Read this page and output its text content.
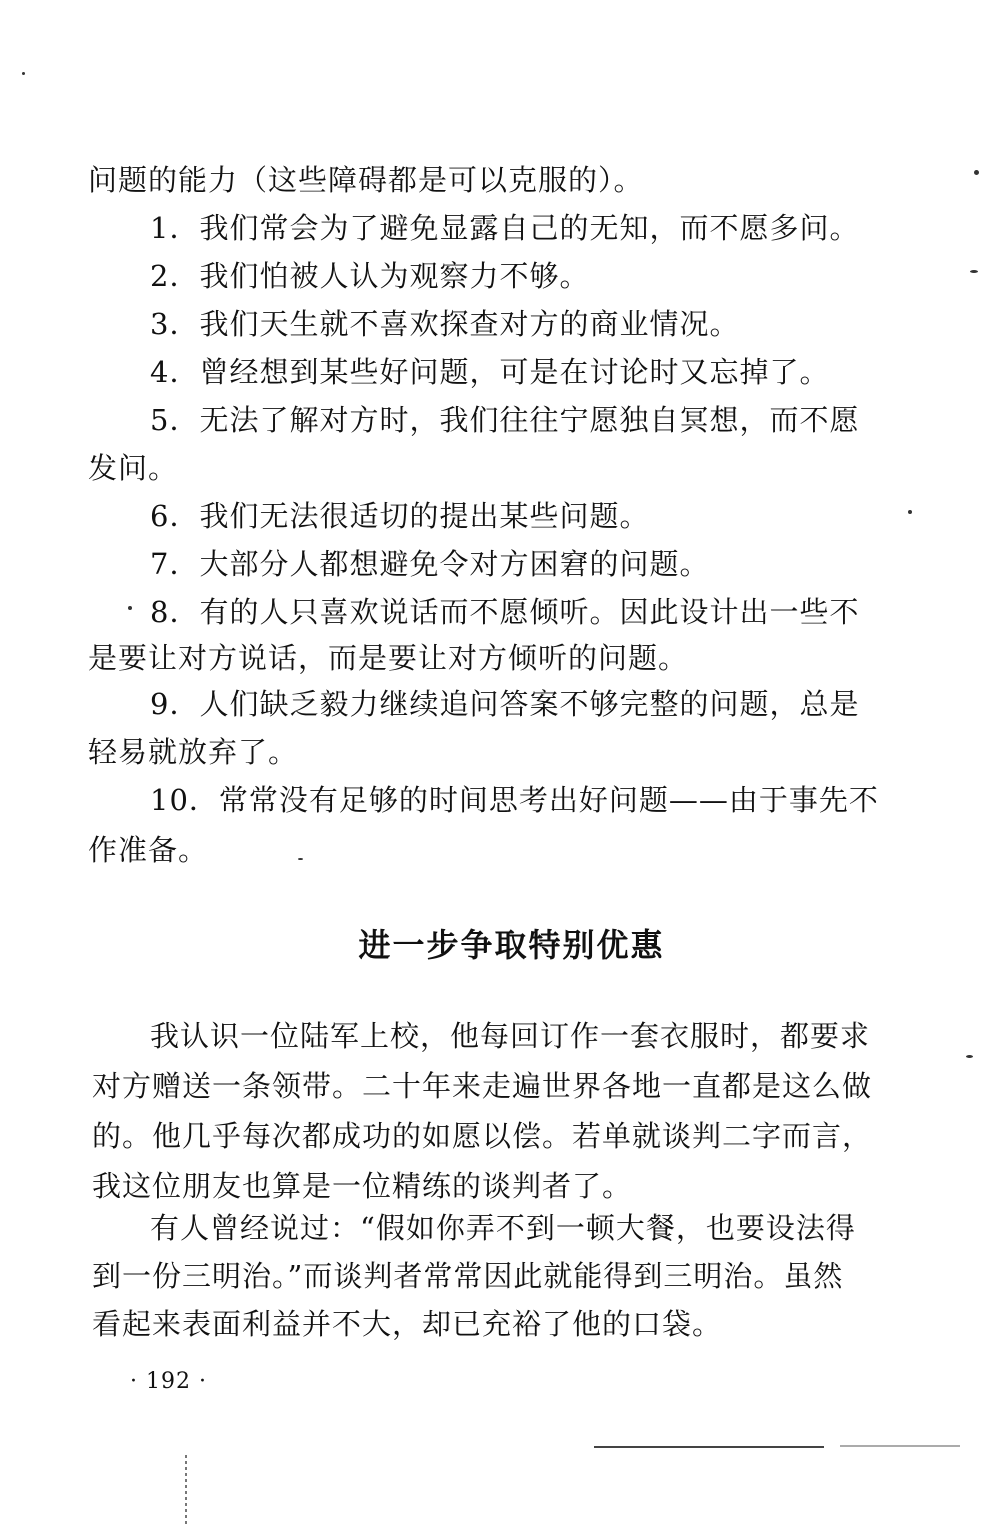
问题的能力（这些障碍都是可以克服的）。
1．我们常会为了避免显露自己的无知，而不愿多问。
2．我们怕被人认为观察力不够。
3．我们天生就不喜欢探查对方的商业情况。
4．曾经想到某些好问题，可是在讨论时又忘掉了。
5．无法了解对方时，我们往往宁愿独自冥想，而不愿
发问。
6．我们无法很适切的提出某些问题。
7．大部分人都想避免令对方困窘的问题。
8．有的人只喜欢说话而不愿倾听。因此设计出一些不
是要让对方说话，而是要让对方倾听的问题。
9．人们缺乏毅力继续追问答案不够完整的问题，总是
轻易就放弃了。
10．常常没有足够的时间思考出好问题——由于事先不
作准备。
进一步争取特别优惠
我认识一位陆军上校，他每回订作一套衣服时，都要求
对方赠送一条领带。二十年来走遍世界各地一直都是这么做
的。他几乎每次都成功的如愿以偿。若单就谈判二字而言，
我这位朋友也算是一位精练的谈判者了。
有人曾经说过：“假如你弄不到一顿大餐，也要设法得
到一份三明治。”而谈判者常常因此就能得到三明治。虽然
看起来表面利益并不大，却已充裕了他的口袋。
· 192 ·
